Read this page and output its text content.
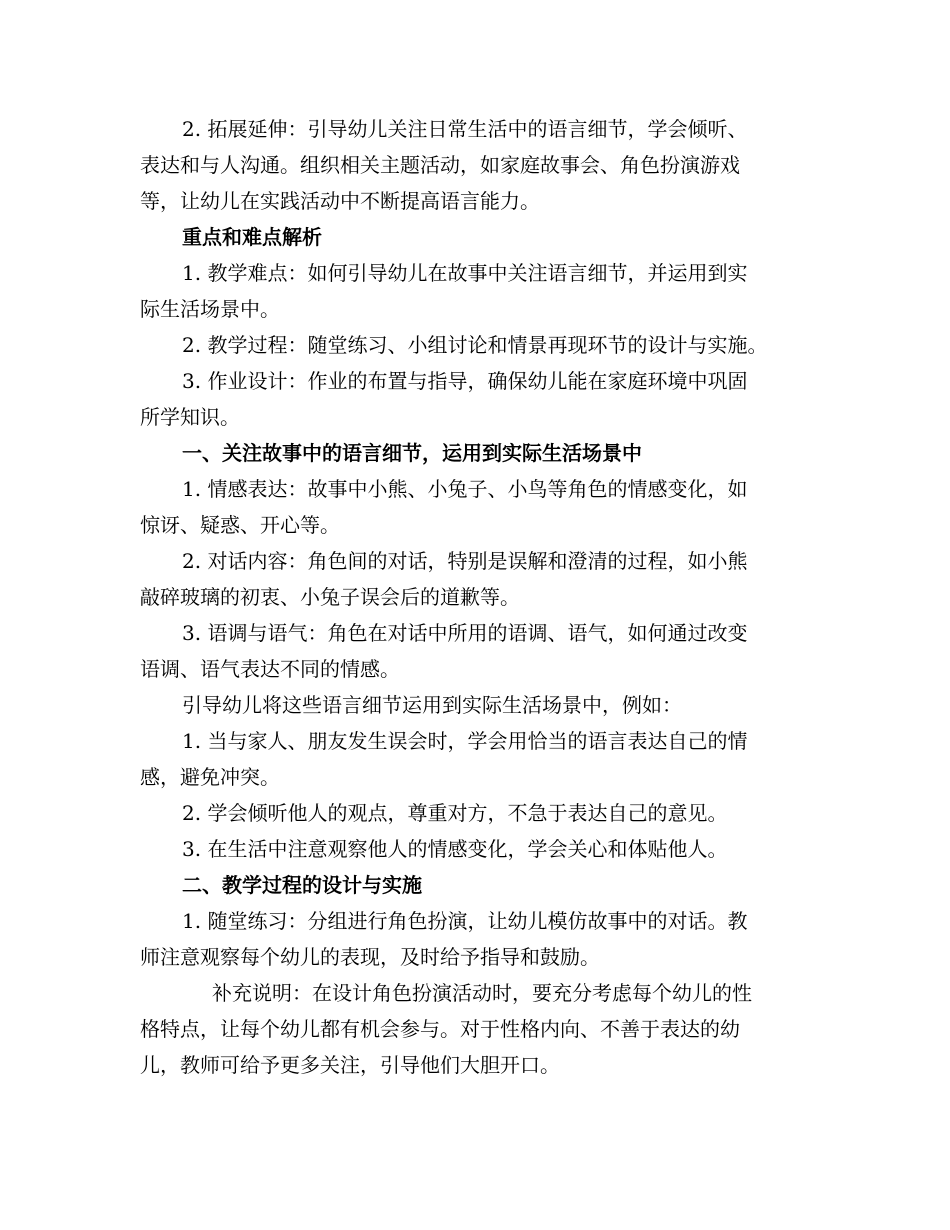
2. 拓展延伸：引导幼儿关注日常生活中的语言细节，学会倾听、

表达和与人沟通。组织相关主题活动，如家庭故事会、角色扮演游戏

等，让幼儿在实践活动中不断提高语言能力。

重点和难点解析

1. 教学难点：如何引导幼儿在故事中关注语言细节，并运用到实

际生活场景中。

2. 教学过程：随堂练习、小组讨论和情景再现环节的设计与实施。

3. 作业设计：作业的布置与指导，确保幼儿能在家庭环境中巩固

所学知识。

一、关注故事中的语言细节，运用到实际生活场景中

1. 情感表达：故事中小熊、小兔子、小鸟等角色的情感变化，如

惊讶、疑惑、开心等。

2. 对话内容：角色间的对话，特别是误解和澄清的过程，如小熊

敲碎玻璃的初衷、小兔子误会后的道歉等。

3. 语调与语气：角色在对话中所用的语调、语气，如何通过改变

语调、语气表达不同的情感。

引导幼儿将这些语言细节运用到实际生活场景中，例如：

1. 当与家人、朋友发生误会时，学会用恰当的语言表达自己的情

感，避免冲突。

2. 学会倾听他人的观点，尊重对方，不急于表达自己的意见。

3. 在生活中注意观察他人的情感变化，学会关心和体贴他人。

二、教学过程的设计与实施

1. 随堂练习：分组进行角色扮演，让幼儿模仿故事中的对话。教

师注意观察每个幼儿的表现，及时给予指导和鼓励。

补充说明：在设计角色扮演活动时，要充分考虑每个幼儿的性

格特点，让每个幼儿都有机会参与。对于性格内向、不善于表达的幼

儿，教师可给予更多关注，引导他们大胆开口。
